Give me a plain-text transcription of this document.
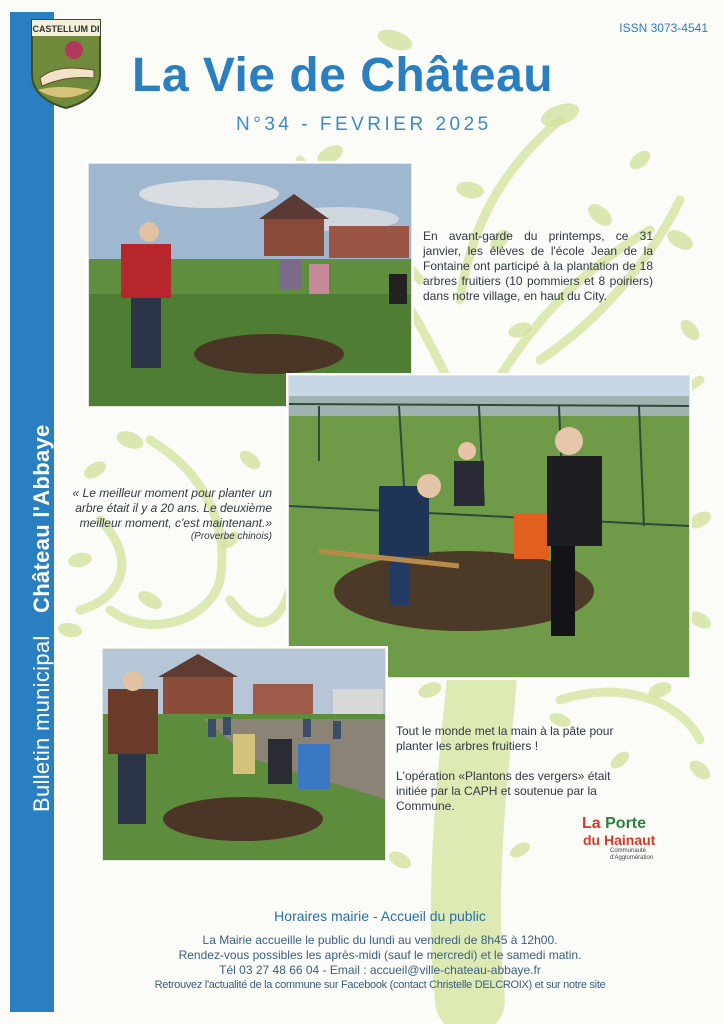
Bulletin municipal Château l'Abbaye
CASTELLUM DI	ISSN 3073-4541
La Vie de Château
N°34 - FEVRIER 2025

En avant-garde du printemps, ce 31 janvier, les élèves de l'école Jean de la Fontaine ont participé à la plantation de 18 arbres fruitiers (10 pommiers et 8 poiriers) dans notre village, en haut du City.

« Le meilleur moment pour planter un arbre était il y a 20 ans. Le deuxième meilleur moment, c'est maintenant.»

(Proverbe chinois)

Tout le monde met la main à la pâte pour planter les arbres fruitiers !

L'opération «Plantons des vergers» était initiée par la CAPH et soutenue par la Commune.

La Porte
du Hainaut
Communauté
d'Agglomération
Horaires mairie - Accueil du public
La Mairie accueille le public du lundi au vendredi de 8h45 à 12h00.
Rendez-vous possibles les après-midi (sauf le mercredi) et le samedi matin.
Tél 03 27 48 66 04 - Email : accueil@ville-chateau-abbaye.fr
Retrouvez l'actualité de la commune sur Facebook (contact Christelle DELCROIX) et sur notre site
